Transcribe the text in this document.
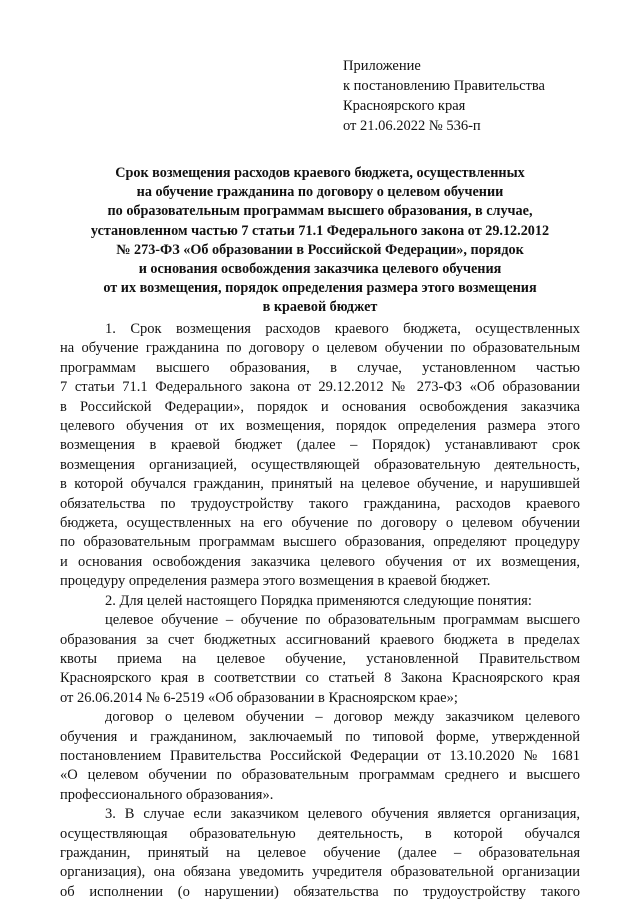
Приложение
к постановлению Правительства
Красноярского края
от 21.06.2022 № 536-п
Срок возмещения расходов краевого бюджета, осуществленных
на обучение гражданина по договору о целевом обучении
по образовательным программам высшего образования, в случае,
установленном частью 7 статьи 71.1 Федерального закона от 29.12.2012
№ 273-ФЗ «Об образовании в Российской Федерации», порядок
и основания освобождения заказчика целевого обучения
от их возмещения, порядок определения размера этого возмещения
в краевой бюджет
1. Срок возмещения расходов краевого бюджета, осуществленных
на обучение гражданина по договору о целевом обучении по образовательным
программам высшего образования, в случае, установленном частью
7 статьи 71.1 Федерального закона от 29.12.2012 № 273-ФЗ «Об образовании
в Российской Федерации», порядок и основания освобождения заказчика
целевого обучения от их возмещения, порядок определения размера этого
возмещения в краевой бюджет (далее – Порядок) устанавливают срок
возмещения организацией, осуществляющей образовательную деятельность,
в которой обучался гражданин, принятый на целевое обучение, и нарушившей
обязательства по трудоустройству такого гражданина, расходов краевого
бюджета, осуществленных на его обучение по договору о целевом обучении
по образовательным программам высшего образования, определяют процедуру
и основания освобождения заказчика целевого обучения от их возмещения,
процедуру определения размера этого возмещения в краевой бюджет.
2. Для целей настоящего Порядка применяются следующие понятия:
целевое обучение – обучение по образовательным программам высшего
образования за счет бюджетных ассигнований краевого бюджета в пределах
квоты приема на целевое обучение, установленной Правительством
Красноярского края в соответствии со статьей 8 Закона Красноярского края
от 26.06.2014 № 6-2519 «Об образовании в Красноярском крае»;
договор о целевом обучении – договор между заказчиком целевого
обучения и гражданином, заключаемый по типовой форме, утвержденной
постановлением Правительства Российской Федерации от 13.10.2020 № 1681
«О целевом обучении по образовательным программам среднего и высшего
профессионального образования».
3. В случае если заказчиком целевого обучения является организация,
осуществляющая образовательную деятельность, в которой обучался
гражданин, принятый на целевое обучение (далее – образовательная
организация), она обязана уведомить учредителя образовательной организации
об исполнении (о нарушении) обязательства по трудоустройству такого
